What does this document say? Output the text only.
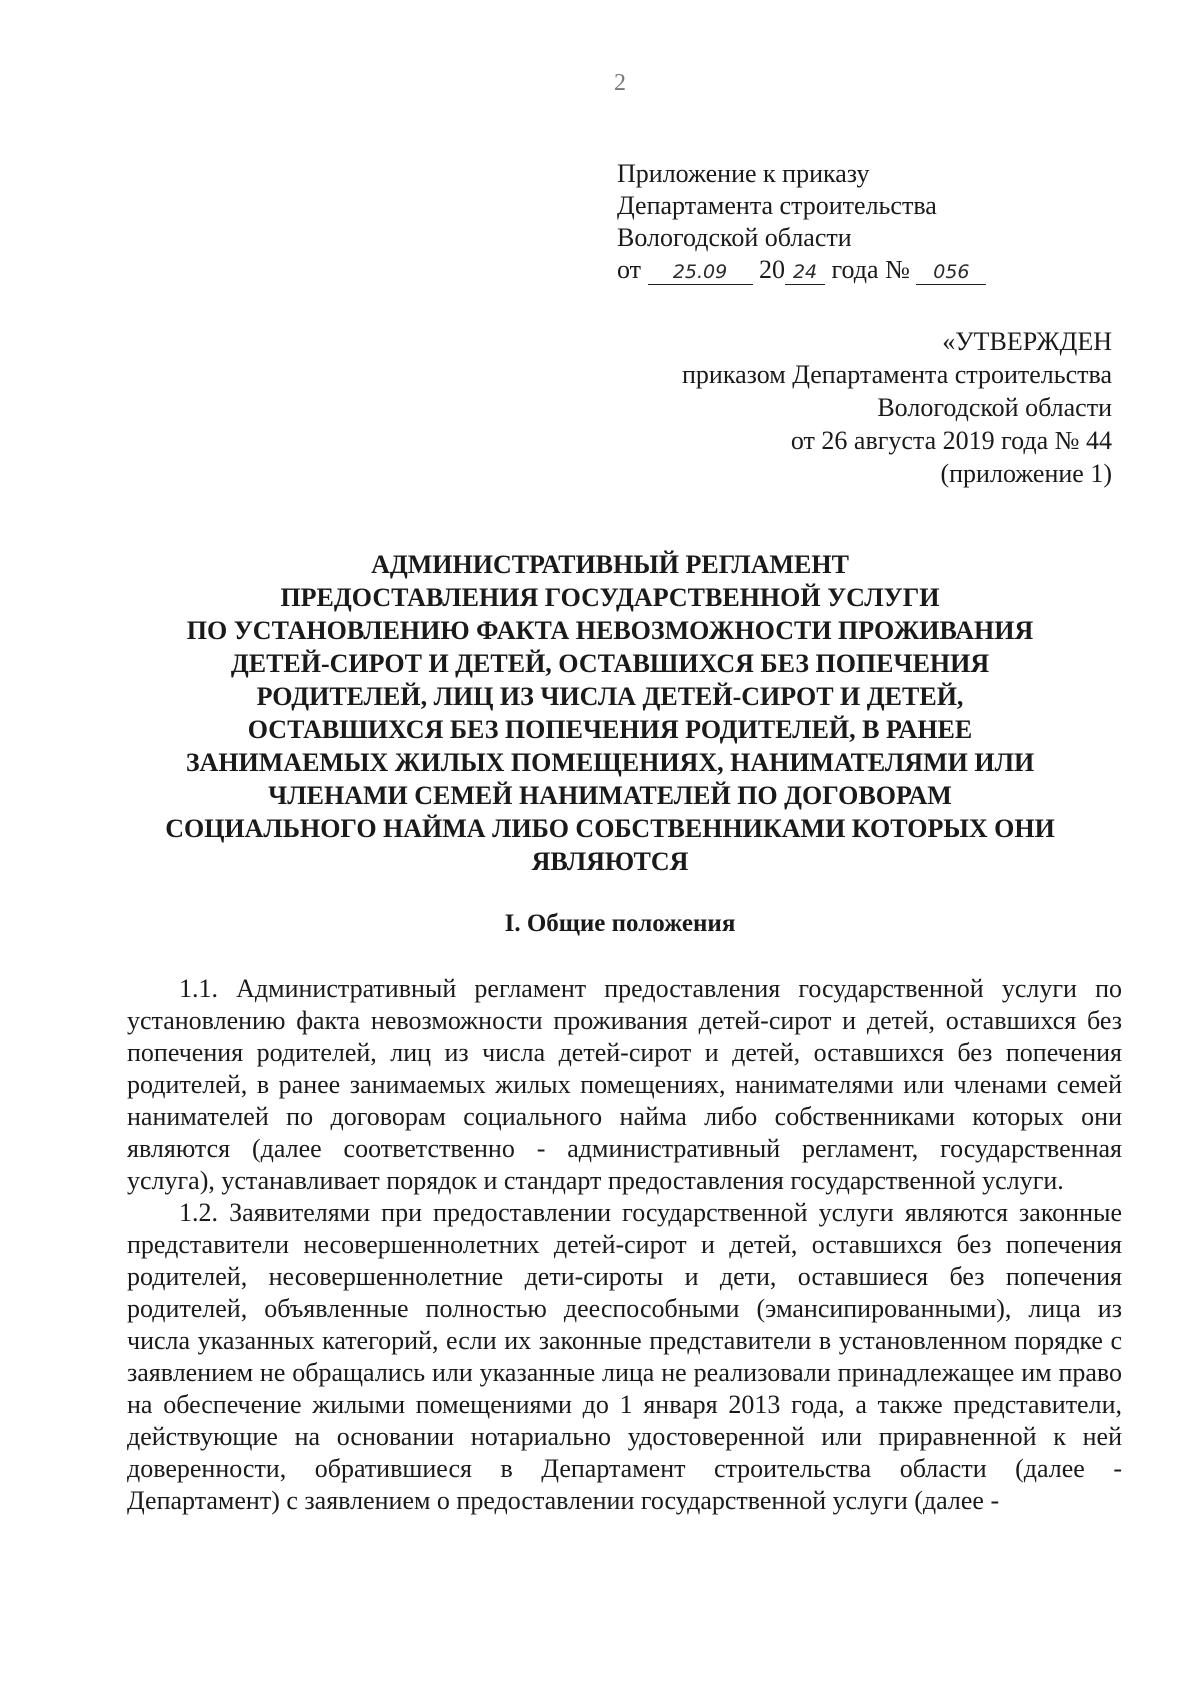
2
Приложение к приказу
Департамента строительства
Вологодской области
от 25.09 20 24 года № 056
«УТВЕРЖДЕН
приказом Департамента строительства
Вологодской области
от 26 августа 2019 года № 44
(приложение 1)
АДМИНИСТРАТИВНЫЙ РЕГЛАМЕНТ
ПРЕДОСТАВЛЕНИЯ ГОСУДАРСТВЕННОЙ УСЛУГИ
ПО УСТАНОВЛЕНИЮ ФАКТА НЕВОЗМОЖНОСТИ ПРОЖИВАНИЯ
ДЕТЕЙ-СИРОТ И ДЕТЕЙ, ОСТАВШИХСЯ БЕЗ ПОПЕЧЕНИЯ
РОДИТЕЛЕЙ, ЛИЦ ИЗ ЧИСЛА ДЕТЕЙ-СИРОТ И ДЕТЕЙ,
ОСТАВШИХСЯ БЕЗ ПОПЕЧЕНИЯ РОДИТЕЛЕЙ, В РАНЕЕ
ЗАНИМАЕМЫХ ЖИЛЫХ ПОМЕЩЕНИЯХ, НАНИМАТЕЛЯМИ ИЛИ
ЧЛЕНАМИ СЕМЕЙ НАНИМАТЕЛЕЙ ПО ДОГОВОРАМ
СОЦИАЛЬНОГО НАЙМА ЛИБО СОБСТВЕННИКАМИ КОТОРЫХ ОНИ
ЯВЛЯЮТСЯ
I. Общие положения

1.1. Административный регламент предоставления государственной услуги по установлению факта невозможности проживания детей-сирот и детей, оставшихся без попечения родителей, лиц из числа детей-сирот и детей, оставшихся без попечения родителей, в ранее занимаемых жилых помещениях, нанимателями или членами семей нанимателей по договорам социального найма либо собственниками которых они являются (далее соответственно - административный регламент, государственная услуга), устанавливает порядок и стандарт предоставления государственной услуги.

1.2. Заявителями при предоставлении государственной услуги являются законные представители несовершеннолетних детей-сирот и детей, оставшихся без попечения родителей, несовершеннолетние дети-сироты и дети, оставшиеся без попечения родителей, объявленные полностью дееспособными (эмансипированными), лица из числа указанных категорий, если их законные представители в установленном порядке с заявлением не обращались или указанные лица не реализовали принадлежащее им право на обеспечение жилыми помещениями до 1 января 2013 года, а также представители, действующие на основании нотариально удостоверенной или приравненной к ней доверенности, обратившиеся в Департамент строительства области (далее - Департамент) с заявлением о предоставлении государственной услуги (далее -
